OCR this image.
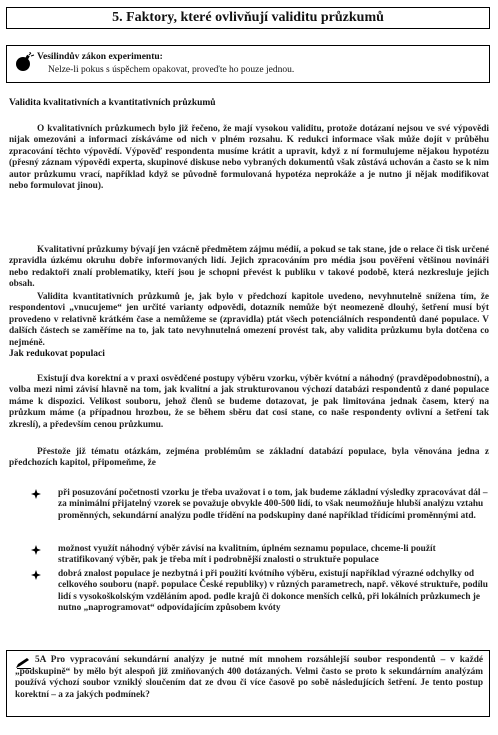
5. Faktory, které ovlivňují validitu průzkumů
Vesilindův zákon experimentu:
Nelze-li pokus s úspěchem opakovat, proveďte ho pouze jednou.
Validita kvalitativních a kvantitativních průzkumů

O kvalitativních průzkumech bylo již řečeno, že mají vysokou validitu, protože dotázaní nejsou ve své výpovědi nijak omezováni a informaci získáváme od nich v plném rozsahu. K redukci informace však může dojít v průběhu zpracování těchto výpovědí. Výpověď respondenta musíme krátit a upravit, když z ní formulujeme nějakou hypotézu (přesný záznam výpovědi experta, skupinové diskuse nebo vybraných dokumentů však zůstává uchován a často se k nim autor průzkumu vrací, například když se původně formulovaná hypotéza neprokáže a je nutno ji nějak modifikovat nebo formulovat jinou).

Kvalitativní průzkumy bývají jen vzácně předmětem zájmu médií, a pokud se tak stane, jde o relace či tisk určené zpravidla úzkému okruhu dobře informovaných lidí. Jejich zpracováním pro média jsou pověřeni většinou novináři nebo redaktoři znalí problematiky, kteří jsou je schopni převést k publiku v takové podobě, která nezkresluje jejich obsah.

Validita kvantitativních průzkumů je, jak bylo v předchozí kapitole uvedeno, nevyhnutelně snížena tím, že respondentovi „vnucujeme“ jen určité varianty odpovědi, dotazník nemůže být neomezeně dlouhý, šetření musí být provedeno v relativně krátkém čase a nemůžeme se (zpravidla) ptát všech potenciálních respondentů dané populace. V dalších částech se zaměříme na to, jak tato nevyhnutelná omezení provést tak, aby validita průzkumu byla dotčena co nejméně.

Jak redukovat populaci

Existují dva korektní a v praxi osvědčené postupy výběru vzorku, výběr kvótní a náhodný (pravděpodobnostní), a volba mezi nimi závisí hlavně na tom, jak kvalitní a jak strukturovanou výchozí databázi respondentů z dané populace máme k dispozici. Velikost souboru, jehož členů se budeme dotazovat, je pak limitována jednak časem, který na průzkum máme (a případnou hrozbou, že se během sběru dat cosi stane, co naše respondenty ovlivní a šetření tak zkreslí), a především cenou průzkumu.

Přestože již tématu otázkám, zejména problémům se základní databází populace, byla věnována jedna z předchozích kapitol, připomeňme, že

při posuzování početnosti vzorku je třeba uvažovat i o tom, jak budeme základní výsledky zpracovávat dál – za minimální přijatelný vzorek se považuje obvykle 400-500 lidí, to však neumožňuje hlubší analýzu vztahu proměnných, sekundární analýzu podle třídění na podskupiny dané například třídícími proměnnými atd.

možnost využít náhodný výběr závisí na kvalitním, úplném seznamu populace, chceme-li použít stratifikovaný výběr, pak je třeba mít i podrobnější znalosti o struktuře populace

dobrá znalost populace je nezbytná i při použití kvótního výběru, existují například výrazné odchylky od celkového souboru (např. populace České republiky) v různých parametrech, např. věkové struktuře, podílu lidí s vysokoškolským vzděláním apod. podle krajů či dokonce menších celků, při lokálních průzkumech je nutno „naprogramovat“ odpovídajícím způsobem kvóty

5A Pro vypracování sekundární analýzy je nutné mít mnohem rozsáhlejší soubor respondentů – v každé „podskupině“ by mělo být alespoň již zmiňovaných 400 dotázaných. Velmi často se proto k sekundárním analýzám používá výchozí soubor vzniklý sloučením dat ze dvou či více časově po sobě následujících šetření. Je tento postup korektní – a za jakých podmínek?
